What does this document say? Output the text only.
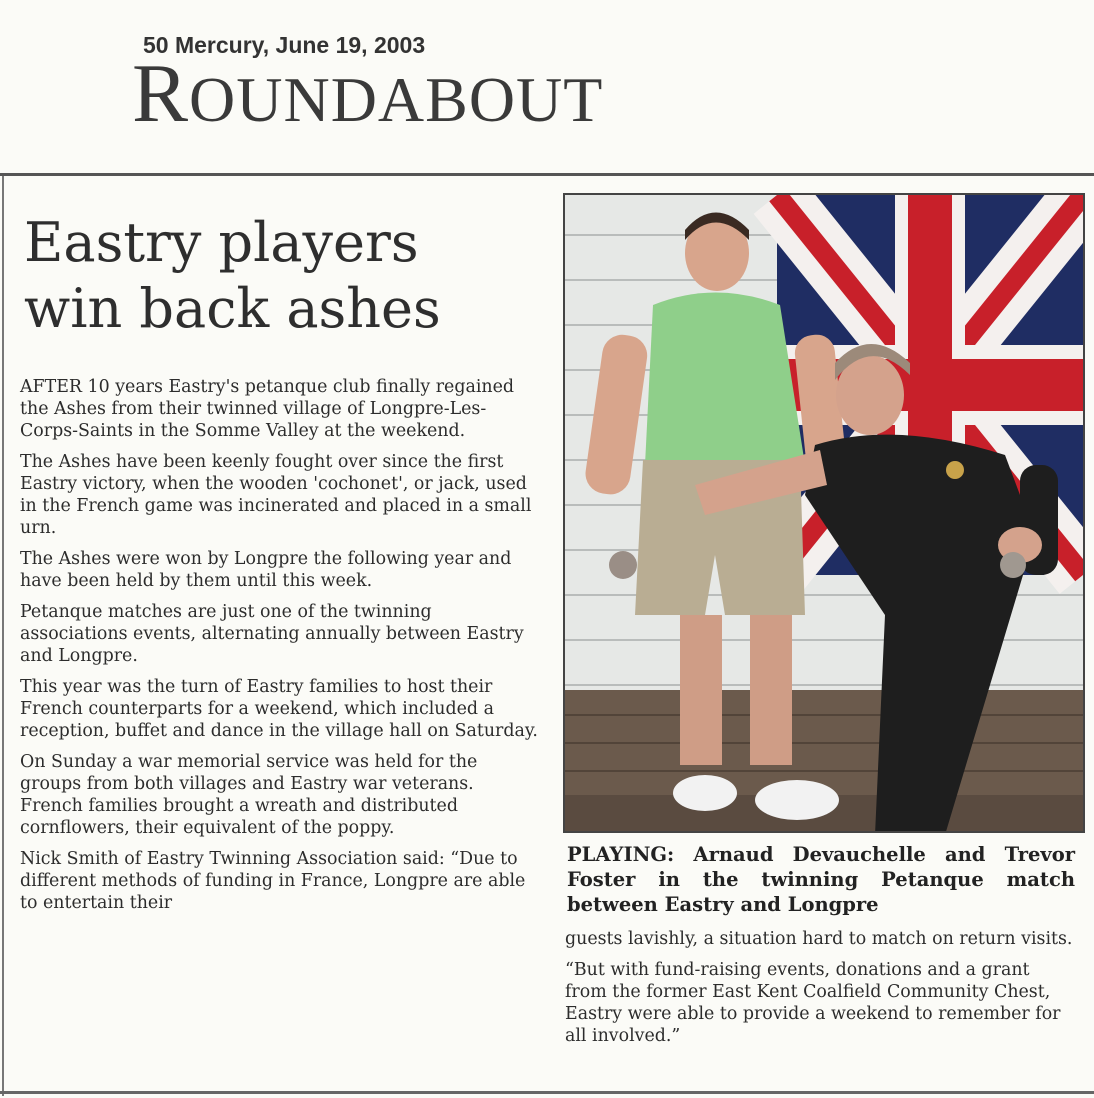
50 Mercury, June 19, 2003
ROUNDABOUT
Eastry players
win back ashes

AFTER 10 years Eastry's petanque club finally regained the Ashes from their twinned village of Longpre-Les-Corps-Saints in the Somme Valley at the weekend.

The Ashes have been keenly fought over since the first Eastry victory, when the wooden 'cochonet', or jack, used in the French game was incinerated and placed in a small urn.

The Ashes were won by Longpre the following year and have been held by them until this week.

Petanque matches are just one of the twinning associations events, alternating annually between Eastry and Longpre.

This year was the turn of Eastry families to host their French counterparts for a weekend, which included a reception, buffet and dance in the village hall on Saturday.

On Sunday a war memorial service was held for the groups from both villages and Eastry war veterans. French families brought a wreath and distributed cornflowers, their equivalent of the poppy.

Nick Smith of Eastry Twinning Association said: “Due to different methods of funding in France, Longpre are able to entertain their

PLAYING: Arnaud Devauchelle and Trevor Foster in the twinning Petanque match between Eastry and Longpre

guests lavishly, a situation hard to match on return visits.

“But with fund-raising events, donations and a grant from the former East Kent Coalfield Community Chest, Eastry were able to provide a weekend to remember for all involved.”
